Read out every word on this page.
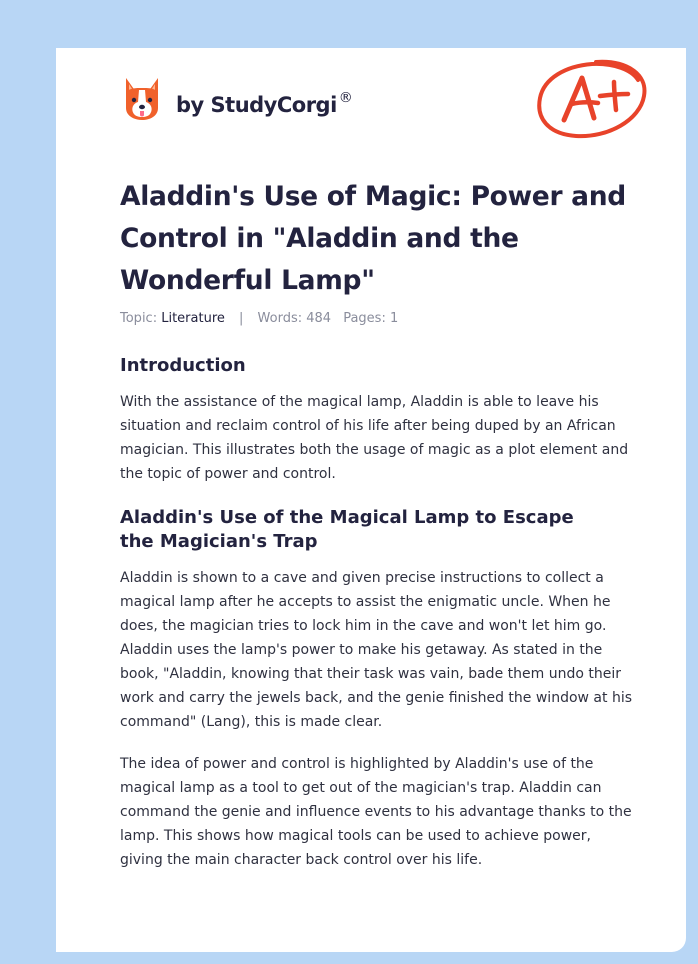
by StudyCorgi ®
Aladdin's Use of Magic: Power and Control in "Aladdin and the Wonderful Lamp"
Topic: Literature | Words: 484 Pages: 1
Introduction

With the assistance of the magical lamp, Aladdin is able to leave his situation and reclaim control of his life after being duped by an African magician. This illustrates both the usage of magic as a plot element and the topic of power and control.

Aladdin's Use of the Magical Lamp to Escape the Magician's Trap

Aladdin is shown to a cave and given precise instructions to collect a magical lamp after he accepts to assist the enigmatic uncle. When he does, the magician tries to lock him in the cave and won't let him go. Aladdin uses the lamp's power to make his getaway. As stated in the book, "Aladdin, knowing that their task was vain, bade them undo their work and carry the jewels back, and the genie finished the window at his command" (Lang), this is made clear.

The idea of power and control is highlighted by Aladdin's use of the magical lamp as a tool to get out of the magician's trap. Aladdin can command the genie and influence events to his advantage thanks to the lamp. This shows how magical tools can be used to achieve power, giving the main character back control over his life.
